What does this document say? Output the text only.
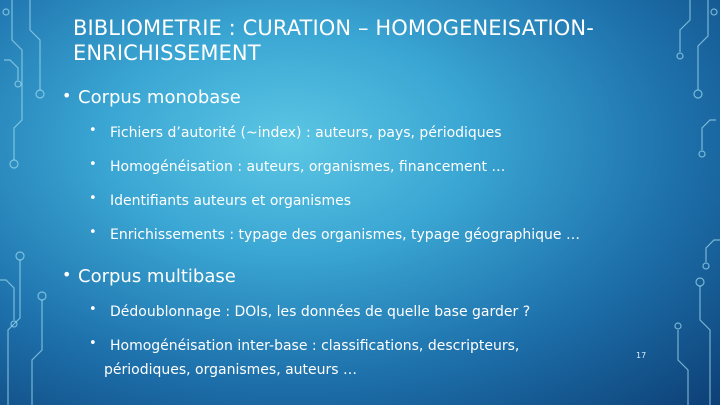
BIBLIOMETRIE : CURATION – HOMOGENEISATION-ENRICHISSEMENT
• Corpus monobase
• Fichiers d’autorité (~index) : auteurs, pays, périodiques
• Homogénéisation : auteurs, organismes, financement …
• Identifiants auteurs et organismes
• Enrichissements : typage des organismes, typage géographique …
• Corpus multibase
• Dédoublonnage : DOIs, les données de quelle base garder ?
• Homogénéisation inter-base : classifications, descripteurs,
périodiques, organismes, auteurs …
17
